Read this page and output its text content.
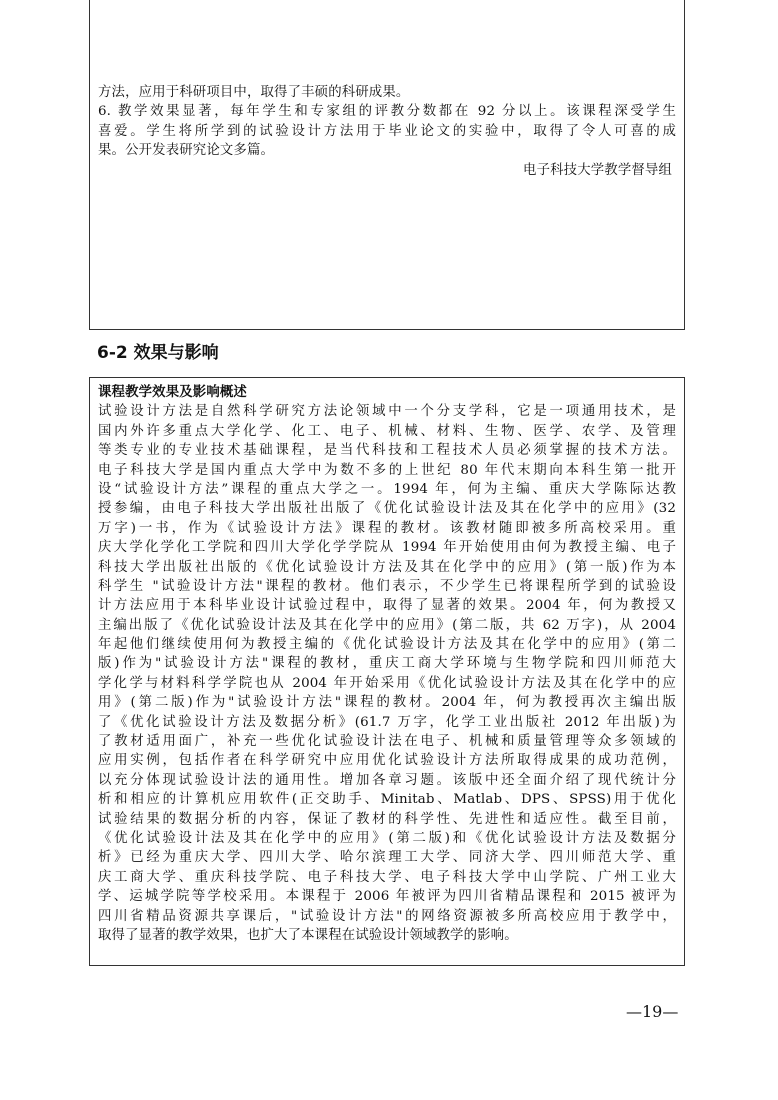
方法，应用于科研项目中，取得了丰硕的科研成果。
6. 教学效果显著，每年学生和专家组的评教分数都在 92 分以上。该课程深受学生
喜爱。学生将所学到的试验设计方法用于毕业论文的实验中，取得了令人可喜的成
果。公开发表研究论文多篇。
电子科技大学教学督导组
6-2 效果与影响
课程教学效果及影响概述
试验设计方法是自然科学研究方法论领域中一个分支学科，它是一项通用技术，是
国内外许多重点大学化学、化工、电子、机械、材料、生物、医学、农学、及管理
等类专业的专业技术基础课程，是当代科技和工程技术人员必须掌握的技术方法。
电子科技大学是国内重点大学中为数不多的上世纪 80 年代末期向本科生第一批开
设“试验设计方法”课程的重点大学之一。1994 年，何为主编、重庆大学陈际达教
授参编，由电子科技大学出版社出版了《优化试验设计法及其在化学中的应用》(32
万字)一书，作为《试验设计方法》课程的教材。该教材随即被多所高校采用。重
庆大学化学化工学院和四川大学化学学院从 1994 年开始使用由何为教授主编、电子
科技大学出版社出版的《优化试验设计方法及其在化学中的应用》(第一版)作为本
科学生 "试验设计方法"课程的教材。他们表示，不少学生已将课程所学到的试验设
计方法应用于本科毕业设计试验过程中，取得了显著的效果。2004 年，何为教授又
主编出版了《优化试验设计法及其在化学中的应用》(第二版，共 62 万字)，从 2004
年起他们继续使用何为教授主编的《优化试验设计方法及其在化学中的应用》(第二
版)作为"试验设计方法"课程的教材，重庆工商大学环境与生物学院和四川师范大
学化学与材料科学学院也从 2004 年开始采用《优化试验设计方法及其在化学中的应
用》(第二版)作为"试验设计方法"课程的教材。2004 年，何为教授再次主编出版
了《优化试验设计方法及数据分析》(61.7 万字，化学工业出版社 2012 年出版)为
了教材适用面广，补充一些优化试验设计法在电子、机械和质量管理等众多领域的
应用实例，包括作者在科学研究中应用优化试验设计方法所取得成果的成功范例，
以充分体现试验设计法的通用性。增加各章习题。该版中还全面介绍了现代统计分
析和相应的计算机应用软件(正交助手、Minitab、Matlab、DPS、SPSS)用于优化
试验结果的数据分析的内容，保证了教材的科学性、先进性和适应性。截至目前，
《优化试验设计法及其在化学中的应用》(第二版)和《优化试验设计方法及数据分
析》已经为重庆大学、四川大学、哈尔滨理工大学、同济大学、四川师范大学、重
庆工商大学、重庆科技学院、电子科技大学、电子科技大学中山学院、广州工业大
学、运城学院等学校采用。本课程于 2006 年被评为四川省精品课程和 2015 被评为
四川省精品资源共享课后，"试验设计方法"的网络资源被多所高校应用于教学中，
取得了显著的教学效果，也扩大了本课程在试验设计领域教学的影响。
—19—
